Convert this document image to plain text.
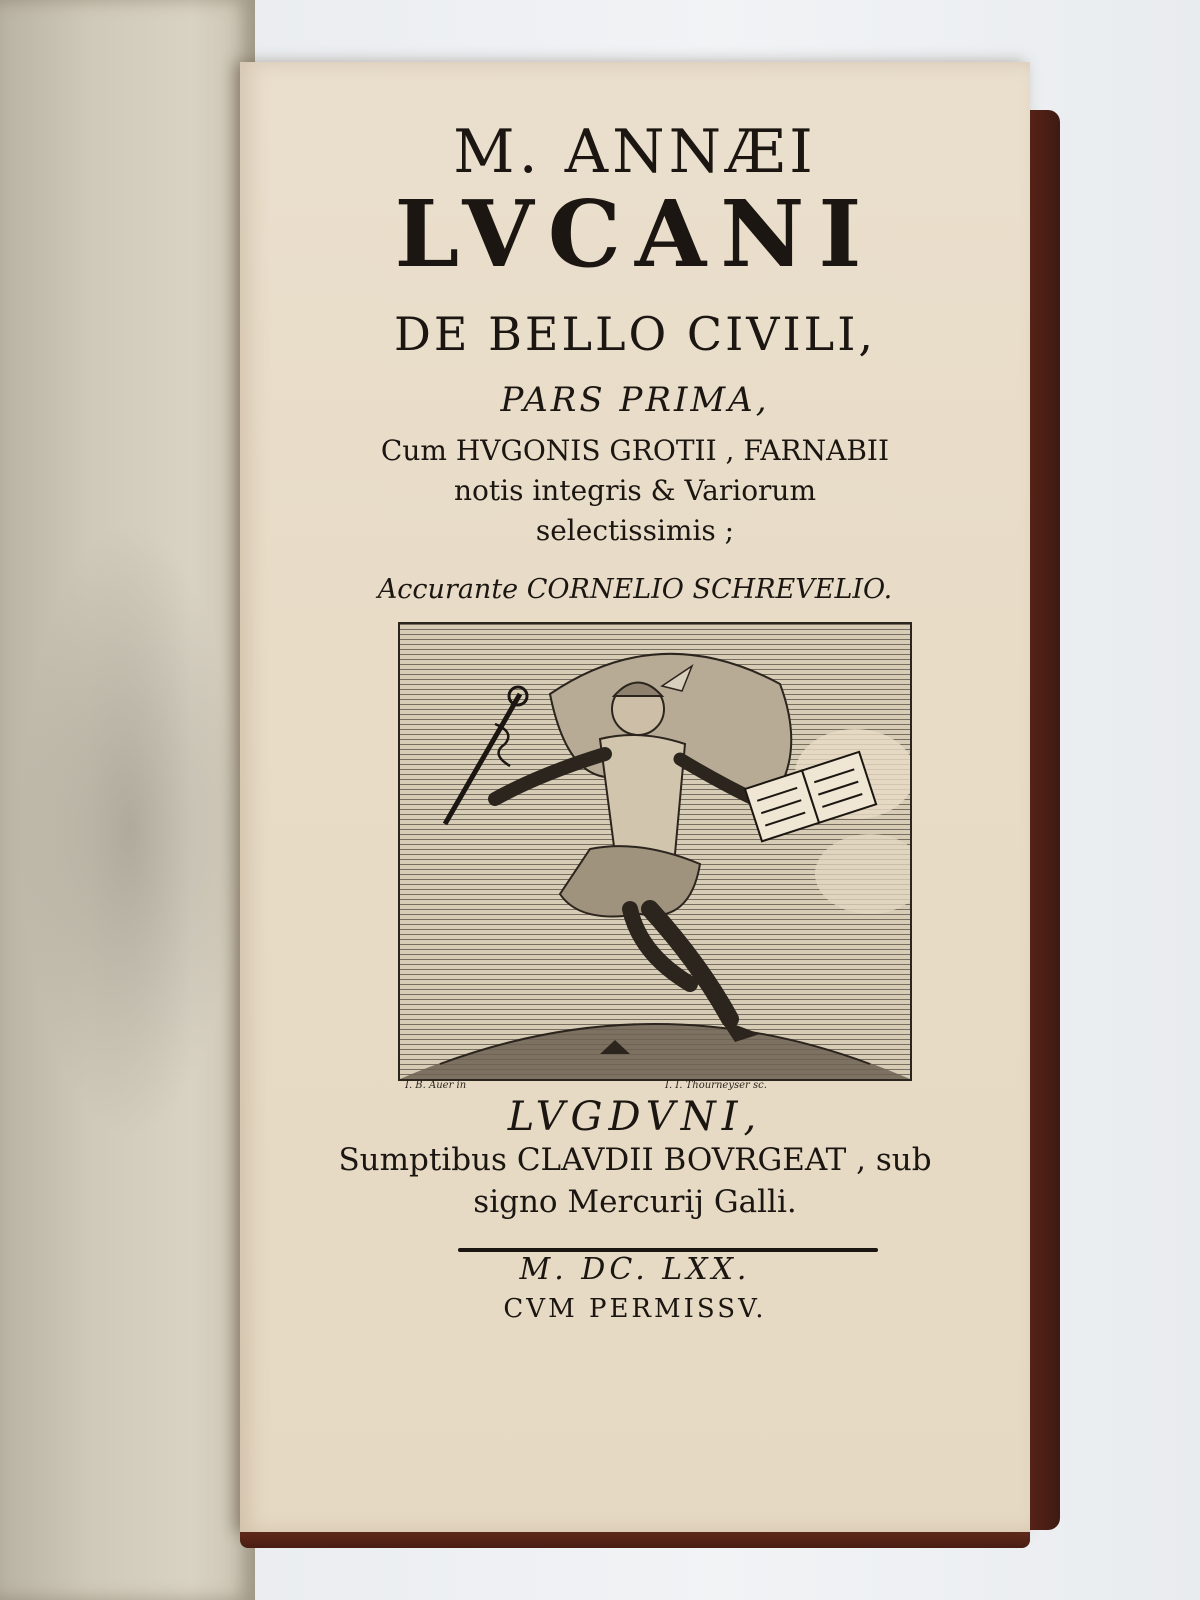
M. ANNÆI
LVCANI
DE BELLO CIVILI,
PARS PRIMA,
Cum HVGONIS GROTII , FARNABII
notis integris & Variorum
selectissimis ;
Accurante CORNELIO SCHREVELIO.
I. B. Auer in	I. I. Thourneyser sc.
LVGDVNI,
Sumptibus CLAVDII BOVRGEAT , sub
signo Mercurij Galli.
M. DC. LXX.
CVM PERMISSV.
